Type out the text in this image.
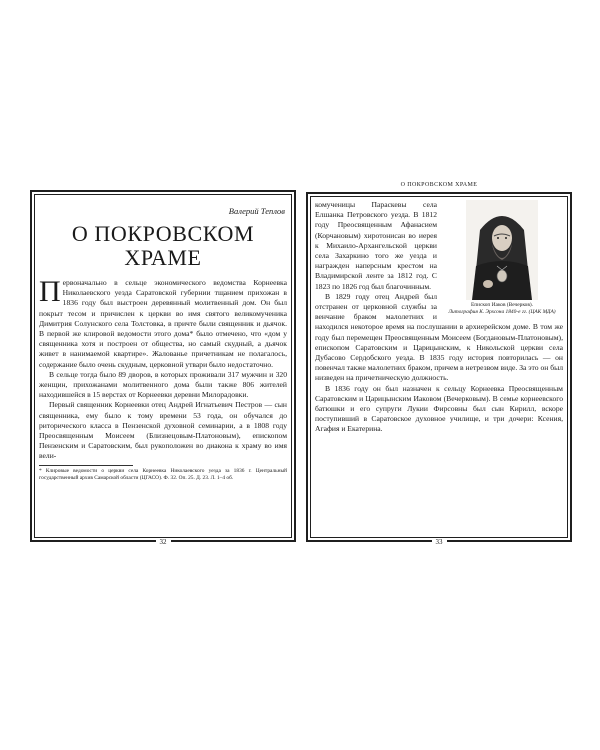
Валерий Теплов
О ПОКРОВСКОМ
ХРАМЕ

Первоначально в сельце экономического ведомства Корнеевка Николаевского уезда Саратовской губернии тщанием прихожан в 1836 году был выстроен деревянный молитвенный дом. Он был покрыт тесом и причислен к церкви во имя святого великомученика Димитрия Солунского села Толстовка, в причте были священник и дьячок. В первой же клировой ведомости этого дома* было отмечено, что «дом у священника хотя и построен от общества, но самый скудный, а дьячок живет в нанимаемой квартире». Жалованье причетникам не полагалось, содержание было очень скудным, церковной утвари было недостаточно.

В сельце тогда было 89 дворов, в которых проживали 317 мужчин и 320 женщин, прихожанами молитвенного дома были также 806 жителей находившейся в 15 верстах от Корнеевки деревни Милорадовки.

Первый священник Корнеевки отец Андрей Игнатьевич Пестров — сын священника, ему было к тому времени 53 года, он обучался до риторического класса в Пензенской духовной семинарии, а в 1808 году Преосвященным Моисеем (Близнецовым-Платоновым), епископом Пензенским и Саратовским, был рукоположен во диакона к храму во имя вели-

* Клировые ведомости о церкви села Корнеевка Николаевского уезда за 1836 г. Центральный государственный архив Самарской области (ЦГАСО). Ф. 32. Оп. 25. Д. 23. Л. 1–4 об.
32
О ПОКРОВСКОМ ХРАМЕ
Епископ Иаков (Вечерков).
Литография К. Эрхсона 1840-е гг. (ЦАК МДА)

комученицы Параскевы села Елшанка Петровского уезда. В 1812 году Преосвященным Афанасием (Корчановым) хиротонисан во иерея к Михаило-Архангельской церкви села Захаркино того же уезда и награжден наперсным крестом на Владимирской ленте за 1812 год. С 1823 по 1826 год был благочинным.

В 1829 году отец Андрей был отстранен от церковной службы за венчание браком малолетних и находился некоторое время на послушании в архиерейском доме. В том же году был перемещен Преосвященным Моисеем (Богдановым-Платоновым), епископом Саратовским и Царицынским, к Никольской церкви села Дубасово Сердобского уезда. В 1835 году история повторилась — он повенчал также малолетних браком, причем в нетрезвом виде. За это он был низведен на причетническую должность.

В 1836 году он был назначен к сельцу Корнеевка Преосвященным Саратовским и Царицынским Иаковом (Вечерковым). В семье корнеевского батюшки и его супруги Лукии Фирсовны был сын Кирилл, вскоре поступивший в Саратовское духовное училище, и три дочери: Ксения, Агафия и Екатерина.

33
